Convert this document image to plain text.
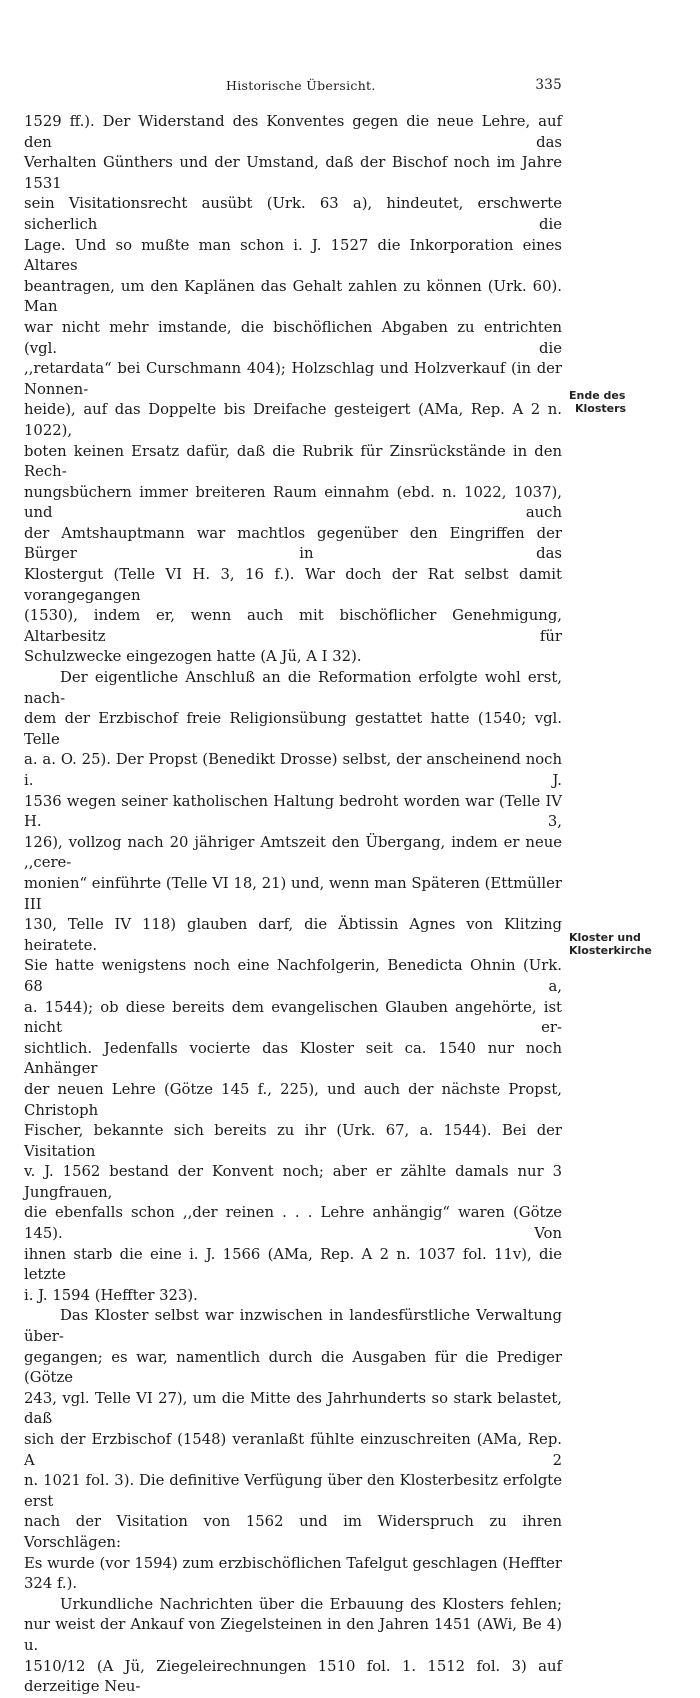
Historische Übersicht.	335

1529 ff.). Der Widerstand des Konventes gegen die neue Lehre, auf den das
Verhalten Günthers und der Umstand, daß der Bischof noch im Jahre 1531
sein Visitationsrecht ausübt (Urk. 63 a), hindeutet, erschwerte sicherlich die
Lage. Und so mußte man schon i. J. 1527 die Inkorporation eines Altares
beantragen, um den Kaplänen das Gehalt zahlen zu können (Urk. 60). Man
war nicht mehr imstande, die bischöflichen Abgaben zu entrichten (vgl. die
,,retardata“ bei Curschmann 404); Holzschlag und Holzverkauf (in der Nonnen-
heide), auf das Doppelte bis Dreifache gesteigert (AMa, Rep. A 2 n. 1022),
boten keinen Ersatz dafür, daß die Rubrik für Zinsrückstände in den Rech-
nungsbüchern immer breiteren Raum einnahm (ebd. n. 1022, 1037), und auch
der Amtshauptmann war machtlos gegenüber den Eingriffen der Bürger in das
Klostergut (Telle VI H. 3, 16 f.). War doch der Rat selbst damit vorangegangen
(1530), indem er, wenn auch mit bischöflicher Genehmigung, Altarbesitz für
Schulzwecke eingezogen hatte (A Jü, A I 32).

Der eigentliche Anschluß an die Reformation erfolgte wohl erst, nach-
dem der Erzbischof freie Religionsübung gestattet hatte (1540; vgl. Telle
a. a. O. 25). Der Propst (Benedikt Drosse) selbst, der anscheinend noch i. J.
1536 wegen seiner katholischen Haltung bedroht worden war (Telle IV H. 3,
126), vollzog nach 20 jähriger Amtszeit den Übergang, indem er neue ,,cere-
monien“ einführte (Telle VI 18, 21) und, wenn man Späteren (Ettmüller III
130, Telle IV 118) glauben darf, die Äbtissin Agnes von Klitzing heiratete.
Sie hatte wenigstens noch eine Nachfolgerin, Benedicta Ohnin (Urk. 68 a,
a. 1544); ob diese bereits dem evangelischen Glauben angehörte, ist nicht er-
sichtlich. Jedenfalls vocierte das Kloster seit ca. 1540 nur noch Anhänger
der neuen Lehre (Götze 145 f., 225), und auch der nächste Propst, Christoph
Fischer, bekannte sich bereits zu ihr (Urk. 67, a. 1544). Bei der Visitation
v. J. 1562 bestand der Konvent noch; aber er zählte damals nur 3 Jungfrauen,
die ebenfalls schon ,,der reinen . . . Lehre anhängig“ waren (Götze 145). Von
ihnen starb die eine i. J. 1566 (AMa, Rep. A 2 n. 1037 fol. 11v), die letzte
i. J. 1594 (Heffter 323).

Das Kloster selbst war inzwischen in landesfürstliche Verwaltung über-
gegangen; es war, namentlich durch die Ausgaben für die Prediger (Götze
243, vgl. Telle VI 27), um die Mitte des Jahrhunderts so stark belastet, daß
sich der Erzbischof (1548) veranlaßt fühlte einzuschreiten (AMa, Rep. A 2
n. 1021 fol. 3). Die definitive Verfügung über den Klosterbesitz erfolgte erst
nach der Visitation von 1562 und im Widerspruch zu ihren Vorschlägen:
Es wurde (vor 1594) zum erzbischöflichen Tafelgut geschlagen (Heffter
324 f.).

Urkundliche Nachrichten über die Erbauung des Klosters fehlen;
nur weist der Ankauf von Ziegelsteinen in den Jahren 1451 (AWi, Be 4) u.
1510/12 (A Jü, Ziegeleirechnungen 1510 fol. 1. 1512 fol. 3) auf derzeitige Neu-

Ende des
Klosters
Kloster und
Klosterkirche
